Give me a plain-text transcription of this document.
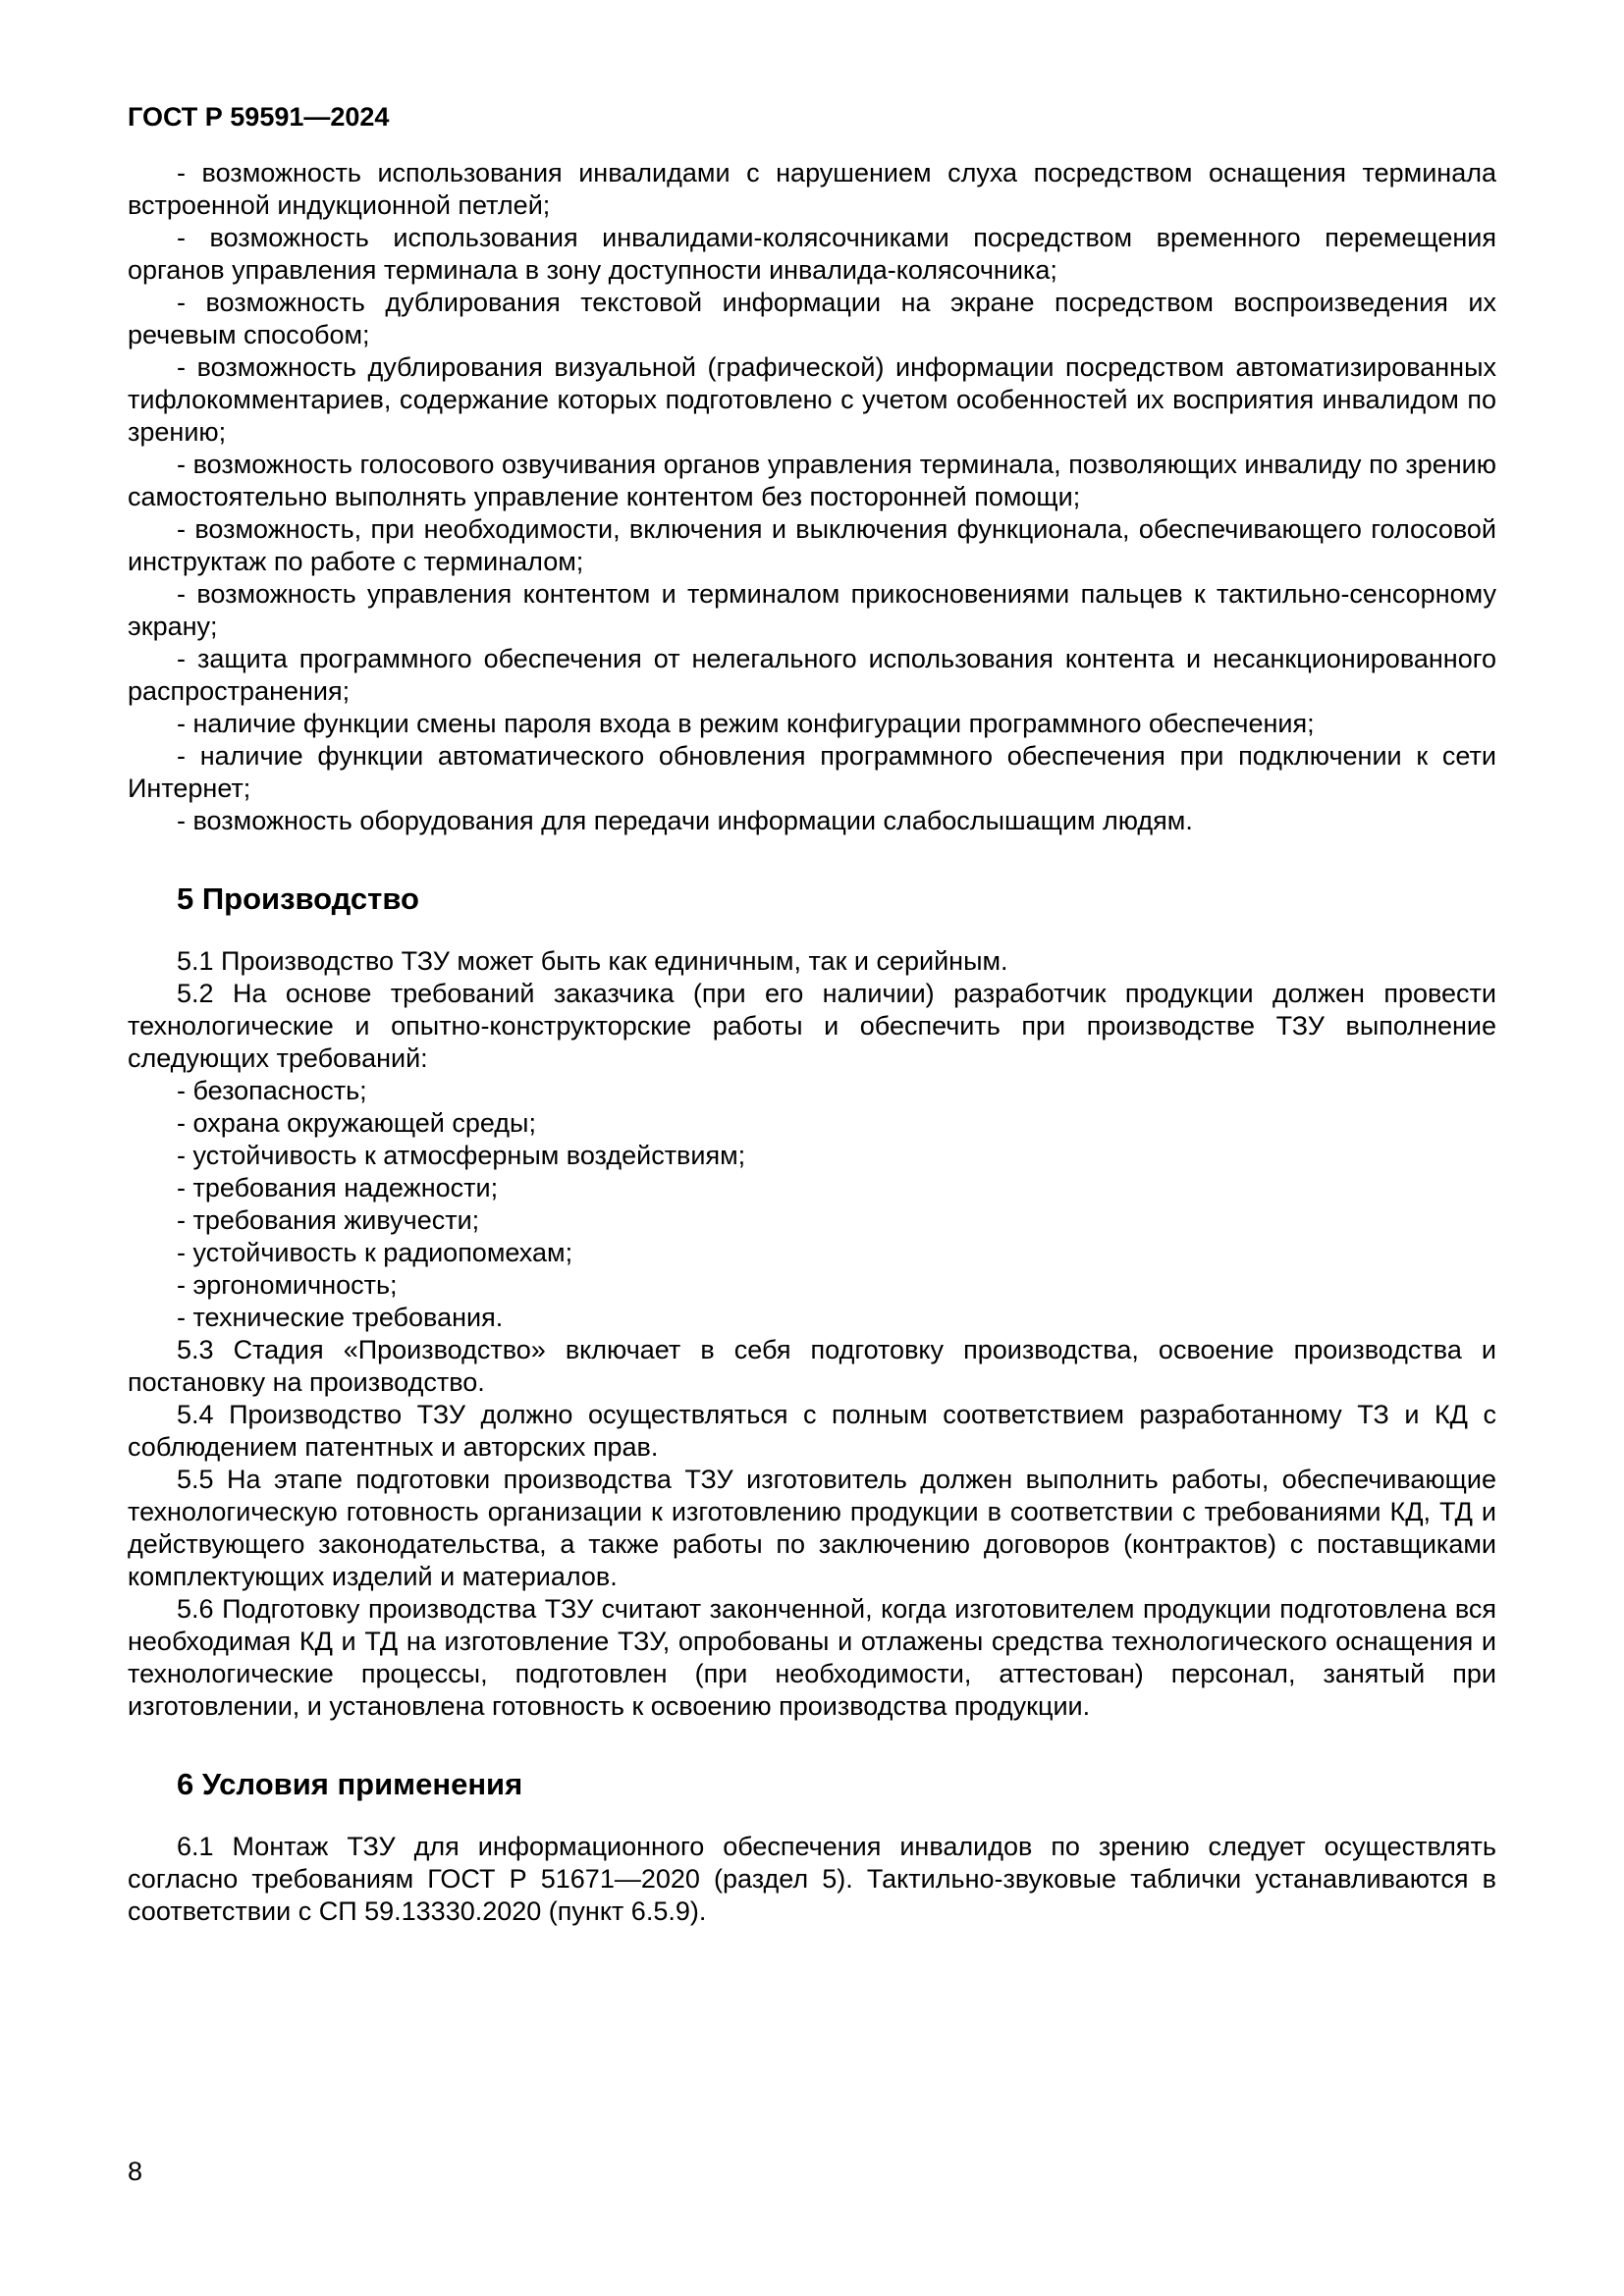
ГОСТ Р 59591—2024

- возможность использования инвалидами с нарушением слуха посредством оснащения терминала встроенной индукционной петлей;

- возможность использования инвалидами-колясочниками посредством временного перемещения органов управления терминала в зону доступности инвалида-колясочника;

- возможность дублирования текстовой информации на экране посредством воспроизведения их речевым способом;

- возможность дублирования визуальной (графической) информации посредством автоматизированных тифлокомментариев, содержание которых подготовлено с учетом особенностей их восприятия инвалидом по зрению;

- возможность голосового озвучивания органов управления терминала, позволяющих инвалиду по зрению самостоятельно выполнять управление контентом без посторонней помощи;

- возможность, при необходимости, включения и выключения функционала, обеспечивающего голосовой инструктаж по работе с терминалом;

- возможность управления контентом и терминалом прикосновениями пальцев к тактильно-сенсорному экрану;

- защита программного обеспечения от нелегального использования контента и несанкционированного распространения;

- наличие функции смены пароля входа в режим конфигурации программного обеспечения;

- наличие функции автоматического обновления программного обеспечения при подключении к сети Интернет;

- возможность оборудования для передачи информации слабослышащим людям.

5 Производство

5.1 Производство ТЗУ может быть как единичным, так и серийным.

5.2 На основе требований заказчика (при его наличии) разработчик продукции должен провести технологические и опытно-конструкторские работы и обеспечить при производстве ТЗУ выполнение следующих требований:

- безопасность;

- охрана окружающей среды;

- устойчивость к атмосферным воздействиям;

- требования надежности;

- требования живучести;

- устойчивость к радиопомехам;

- эргономичность;

- технические требования.

5.3 Стадия «Производство» включает в себя подготовку производства, освоение производства и постановку на производство.

5.4 Производство ТЗУ должно осуществляться с полным соответствием разработанному ТЗ и КД с соблюдением патентных и авторских прав.

5.5 На этапе подготовки производства ТЗУ изготовитель должен выполнить работы, обеспечивающие технологическую готовность организации к изготовлению продукции в соответствии с требованиями КД, ТД и действующего законодательства, а также работы по заключению договоров (контрактов) с поставщиками комплектующих изделий и материалов.

5.6 Подготовку производства ТЗУ считают законченной, когда изготовителем продукции подготовлена вся необходимая КД и ТД на изготовление ТЗУ, опробованы и отлажены средства технологического оснащения и технологические процессы, подготовлен (при необходимости, аттестован) персонал, занятый при изготовлении, и установлена готовность к освоению производства продукции.

6 Условия применения

6.1 Монтаж ТЗУ для информационного обеспечения инвалидов по зрению следует осуществлять согласно требованиям ГОСТ Р 51671—2020 (раздел 5). Тактильно-звуковые таблички устанавливаются в соответствии с СП 59.13330.2020 (пункт 6.5.9).

8
